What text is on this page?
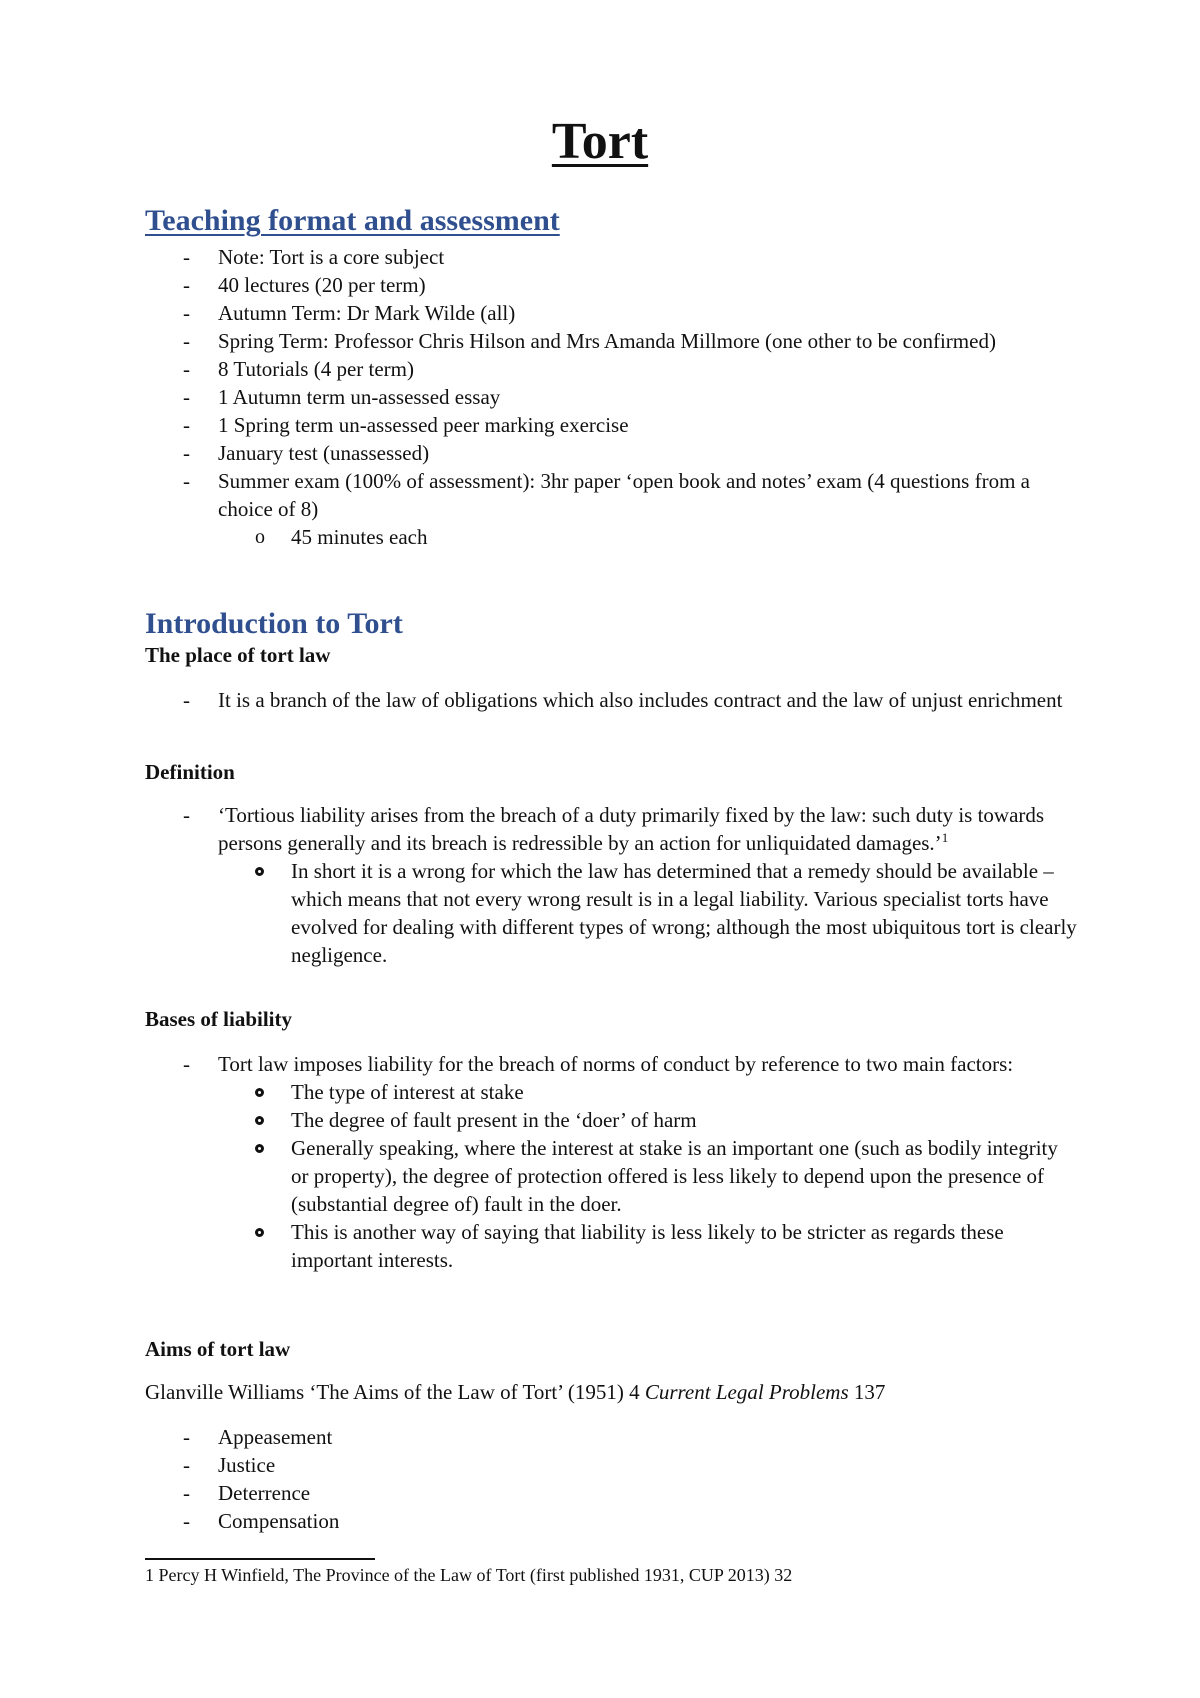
Tort
Teaching format and assessment
- Note: Tort is a core subject
- 40 lectures (20 per term)
- Autumn Term: Dr Mark Wilde (all)
- Spring Term: Professor Chris Hilson and Mrs Amanda Millmore (one other to be confirmed)
- 8 Tutorials (4 per term)
- 1 Autumn term un-assessed essay
- 1 Spring term un-assessed peer marking exercise
- January test (unassessed)
- Summer exam (100% of assessment): 3hr paper ‘open book and notes’ exam (4 questions from a choice of 8)
o 45 minutes each
Introduction to Tort
The place of tort law
- It is a branch of the law of obligations which also includes contract and the law of unjust enrichment
Definition
- ‘Tortious liability arises from the breach of a duty primarily fixed by the law: such duty is towards persons generally and its breach is redressible by an action for unliquidated damages.’$^1$
In short it is a wrong for which the law has determined that a remedy should be available – which means that not every wrong result is in a legal liability. Various specialist torts have evolved for dealing with different types of wrong; although the most ubiquitous tort is clearly negligence.
Bases of liability
- Tort law imposes liability for the breach of norms of conduct by reference to two main factors:
The type of interest at stake
The degree of fault present in the ‘doer’ of harm
Generally speaking, where the interest at stake is an important one (such as bodily integrity or property), the degree of protection offered is less likely to depend upon the presence of (substantial degree of) fault in the doer.
This is another way of saying that liability is less likely to be stricter as regards these important interests.
Aims of tort law
Glanville Williams ‘The Aims of the Law of Tort’ (1951) 4 Current Legal Problems 137
- Appeasement
- Justice
- Deterrence
- Compensation
1 Percy H Winfield, The Province of the Law of Tort (first published 1931, CUP 2013) 32
